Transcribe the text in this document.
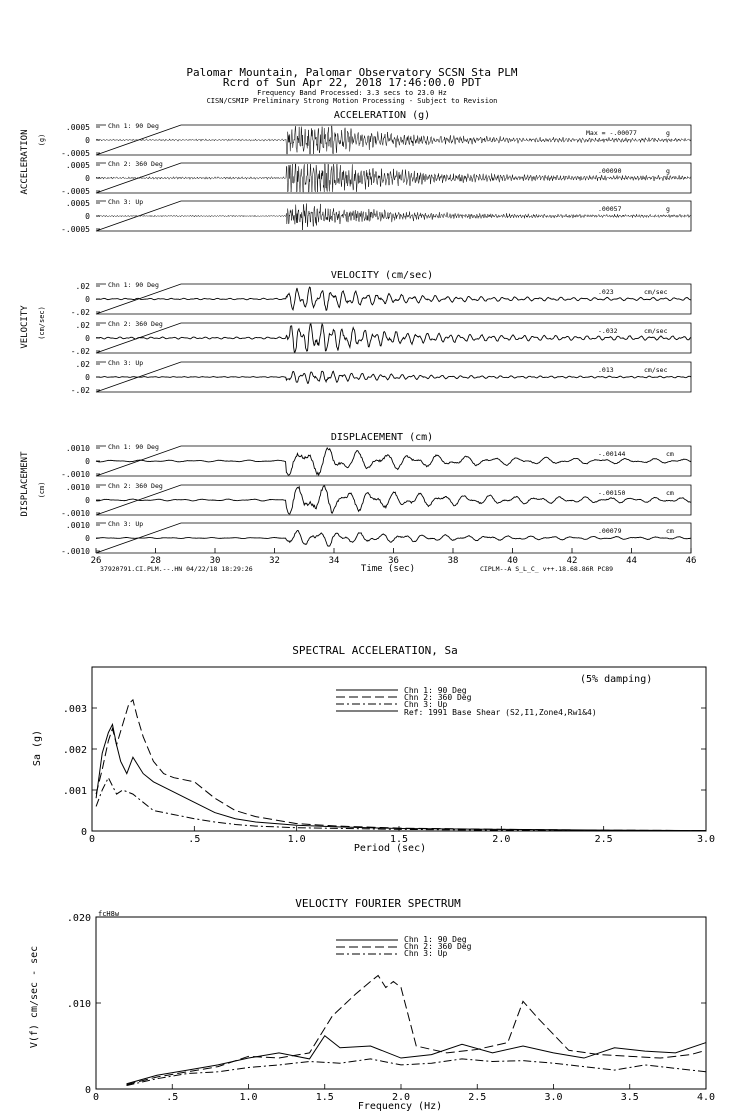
Palomar Mountain, Palomar Observatory SCSN Sta PLM
Rcrd of Sun Apr 22, 2018 17:46:00.0 PDT
Frequency Band Processed: 3.3 secs to 23.0 Hz
CISN/CSMIP Preliminary Strong Motion Processing - Subject to Revision
ACCELERATION (g)
VELOCITY (cm/sec)
DISPLACEMENT (cm)
ACCELERATION (g)
VELOCITY (cm/sec)
DISPLACEMENT (cm)
Chn 1: 90 Deg
Max = -.00077	g
.0005
0
-.0005
Chn 2: 360 Deg
.00090	g
.0005
0
-.0005
Chn 3: Up
.00057	g
.0005
0
-.0005
Chn 1: 90 Deg
.023	cm/sec
.02
0
-.02
Chn 2: 360 Deg
-.032	cm/sec
.02
0
-.02
Chn 3: Up
.013	cm/sec
.02
0
-.02
Chn 1: 90 Deg
-.00144	cm
.0010
0
-.0010
Chn 2: 360 Deg
-.00150	cm
.0010
0
-.0010
Chn 3: Up
.00079	cm
.0010
0
-.0010
26	28	30	32	34	36	38	40	42	44	46
Time (sec)
37920791.CI.PLM.--.HN 04/22/18 18:29:26	CIPLM--A S_L_C_ v++.18.68.86R PC89
SPECTRAL ACCELERATION, Sa
(5% damping)
Sa (g)
Period (sec)
0	.5	1.0	1.5	2.0	2.5	3.0
0
.001
.002
.003
Chn 1: 90 Deg
Chn 2: 360 Deg
Chn 3: Up
Ref: 1991 Base Shear (S2,I1,Zone4,Rw1&4)
VELOCITY FOURIER SPECTRUM
fcH8w
V(f) cm/sec - sec
Frequency (Hz)
0	.5	1.0	1.5	2.0	2.5	3.0	3.5	4.0
0
.010
.020
Chn 1: 90 Deg
Chn 2: 360 Deg
Chn 3: Up
